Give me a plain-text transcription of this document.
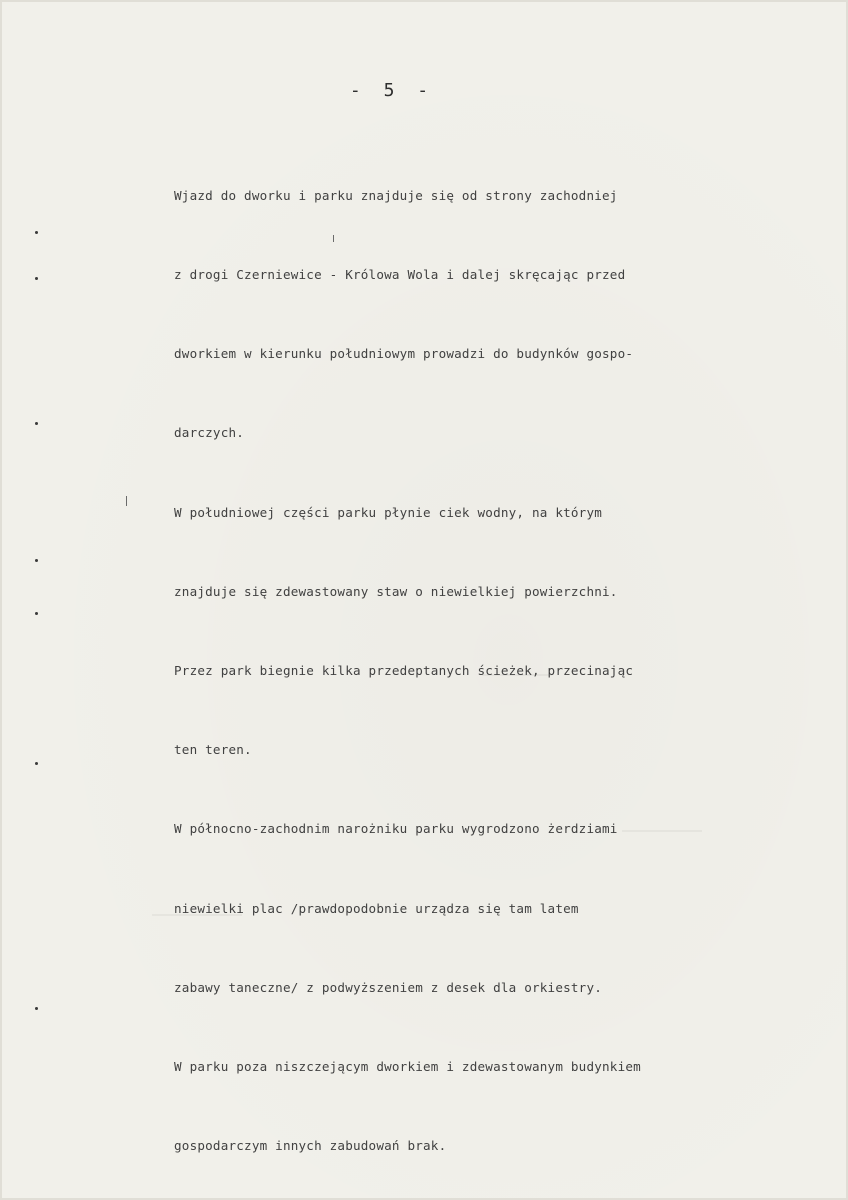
- 5 -

Wjazd do dworku i parku znajduje się od strony zachodniej

z drogi Czerniewice - Królowa Wola i dalej skręcając przed

dworkiem w kierunku południowym prowadzi do budynków gospo-

darczych.

W południowej części parku płynie ciek wodny, na którym

znajduje się zdewastowany staw o niewielkiej powierzchni.

Przez park biegnie kilka przedeptanych ścieżek, przecinając

ten teren.

W północno-zachodnim narożniku parku wygrodzono żerdziami

niewielki plac /prawdopodobnie urządza się tam latem

zabawy taneczne/ z podwyższeniem z desek dla orkiestry.

W parku poza niszczejącym dworkiem i zdewastowanym budynkiem

gospodarczym innych zabudowań brak.
